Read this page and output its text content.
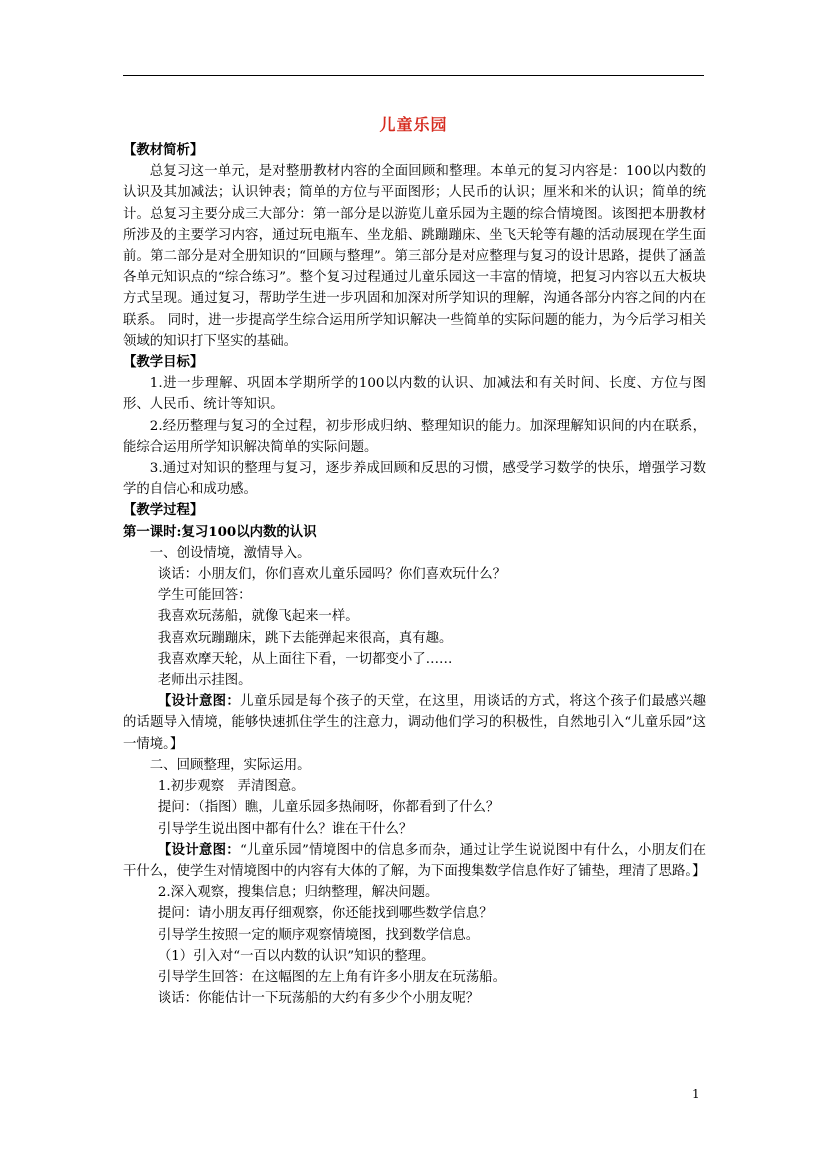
儿童乐园

【教材简析】

总复习这一单元，是对整册教材内容的全面回顾和整理。本单元的复习内容是：100以内数的认识及其加减法；认识钟表；简单的方位与平面图形；人民币的认识；厘米和米的认识；简单的统计。总复习主要分成三大部分：第一部分是以游览儿童乐园为主题的综合情境图。该图把本册教材所涉及的主要学习内容，通过玩电瓶车、坐龙船、跳蹦蹦床、坐飞天轮等有趣的活动展现在学生面前。第二部分是对全册知识的“回顾与整理”。第三部分是对应整理与复习的设计思路，提供了涵盖各单元知识点的“综合练习”。整个复习过程通过儿童乐园这一丰富的情境，把复习内容以五大板块方式呈现。通过复习，帮助学生进一步巩固和加深对所学知识的理解，沟通各部分内容之间的内在联系。 同时，进一步提高学生综合运用所学知识解决一些简单的实际问题的能力，为今后学习相关领域的知识打下坚实的基础。

【教学目标】

1.进一步理解、巩固本学期所学的100以内数的认识、加减法和有关时间、长度、方位与图形、人民币、统计等知识。

2.经历整理与复习的全过程，初步形成归纳、整理知识的能力。加深理解知识间的内在联系，能综合运用所学知识解决简单的实际问题。

3.通过对知识的整理与复习，逐步养成回顾和反思的习惯，感受学习数学的快乐，增强学习数学的自信心和成功感。

【教学过程】

第一课时:复习100以内数的认识

一、创设情境，激情导入。

谈话：小朋友们，你们喜欢儿童乐园吗？你们喜欢玩什么？

学生可能回答：

我喜欢玩荡船，就像飞起来一样。

我喜欢玩蹦蹦床，跳下去能弹起来很高，真有趣。

我喜欢摩天轮，从上面往下看，一切都变小了……

老师出示挂图。

【设计意图：儿童乐园是每个孩子的天堂，在这里，用谈话的方式，将这个孩子们最感兴趣的话题导入情境，能够快速抓住学生的注意力，调动他们学习的积极性，自然地引入“儿童乐园”这一情境。】

二、回顾整理，实际运用。

1.初步观察　弄清图意。

提问：（指图）瞧，儿童乐园多热闹呀，你都看到了什么？

引导学生说出图中都有什么？谁在干什么？

【设计意图：“儿童乐园”情境图中的信息多而杂，通过让学生说说图中有什么，小朋友们在干什么，使学生对情境图中的内容有大体的了解，为下面搜集数学信息作好了铺垫，理清了思路。】

2.深入观察，搜集信息；归纳整理，解决问题。

提问：请小朋友再仔细观察，你还能找到哪些数学信息？

引导学生按照一定的顺序观察情境图，找到数学信息。

（1）引入对“一百以内数的认识”知识的整理。

引导学生回答：在这幅图的左上角有许多小朋友在玩荡船。

谈话：你能估计一下玩荡船的大约有多少个小朋友呢？

1
